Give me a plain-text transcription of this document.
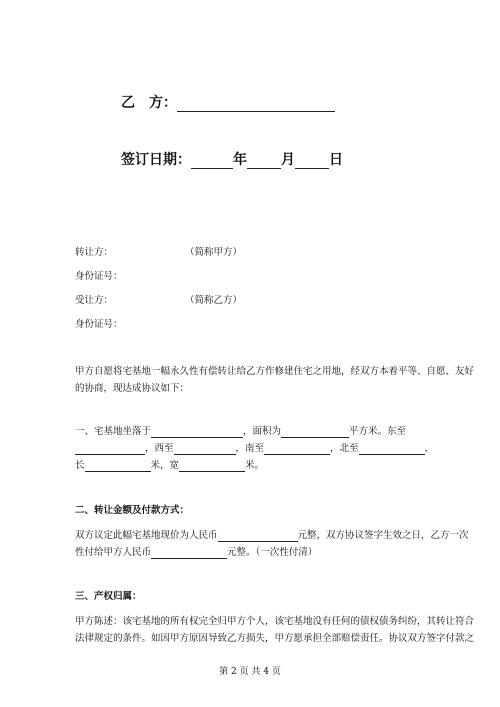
乙　方：
签订日期：	年 月 日
转让方：	（简称甲方）
身份证号：
受让方：	（简称乙方）
身份证号：
甲方自愿将宅基地一幅永久性有偿转让给乙方作修建住宅之用地，经双方本着平等、自愿、友好
的协商，现达成协议如下：
一、宅基地坐落于	，面积为	平方米。东至
，西至	，南至	，北至	，
长	米，宽	米。
二、转让金额及付款方式：
双方议定此幅宅基地现价为人民币	元整，双方协议签字生效之日，乙方一次
性付给甲方人民币	元整。（一次性付清）
三、产权归属：
甲方陈述：该宅基地的所有权完全归甲方个人，该宅基地没有任何的债权债务纠纷，其转让符合
法律规定的条件。如因甲方原因导致乙方损失，甲方愿承担全部赔偿责任。协议双方签字付款之
第 2 页 共 4 页
